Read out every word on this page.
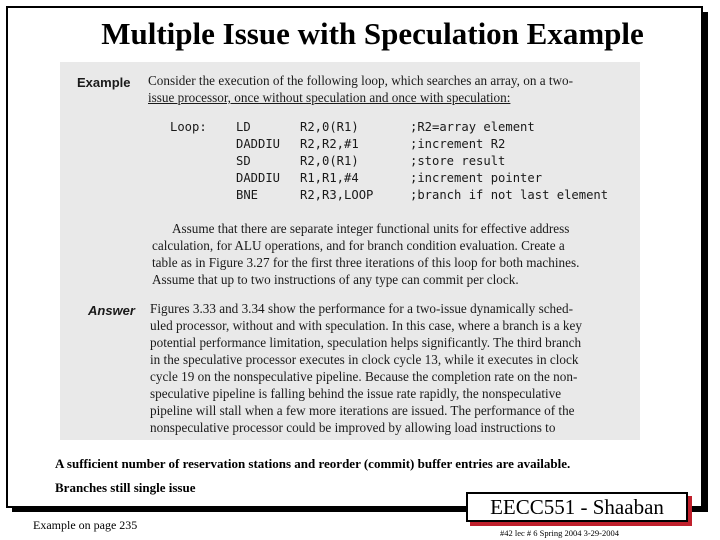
Multiple Issue with Speculation Example
Example Consider the execution of the following loop, which searches an array, on a two-
issue processor, once without speculation and once with speculation:
Loop: LD	R2,0(R1)	;R2=array element
DADDIU R2,R2,#1	;increment R2
SD	R2,0(R1)	;store result
DADDIU R1,R1,#4	;increment pointer
BNE	R2,R3,LOOP	;branch if not last element
Assume that there are separate integer functional units for effective address
calculation, for ALU operations, and for branch condition evaluation. Create a
table as in Figure 3.27 for the first three iterations of this loop for both machines.
Assume that up to two instructions of any type can commit per clock.
Answer Figures 3.33 and 3.34 show the performance for a two-issue dynamically sched-
uled processor, without and with speculation. In this case, where a branch is a key
potential performance limitation, speculation helps significantly. The third branch
in the speculative processor executes in clock cycle 13, while it executes in clock
cycle 19 on the nonspeculative pipeline. Because the completion rate on the non-
speculative pipeline is falling behind the issue rate rapidly, the nonspeculative
pipeline will stall when a few more iterations are issued. The performance of the
nonspeculative processor could be improved by allowing load instructions to
A sufficient number of reservation stations and reorder (commit) buffer entries are available.
Branches still single issue
Example on page 235
EECC551 - Shaaban
#42 lec # 6 Spring 2004 3-29-2004
